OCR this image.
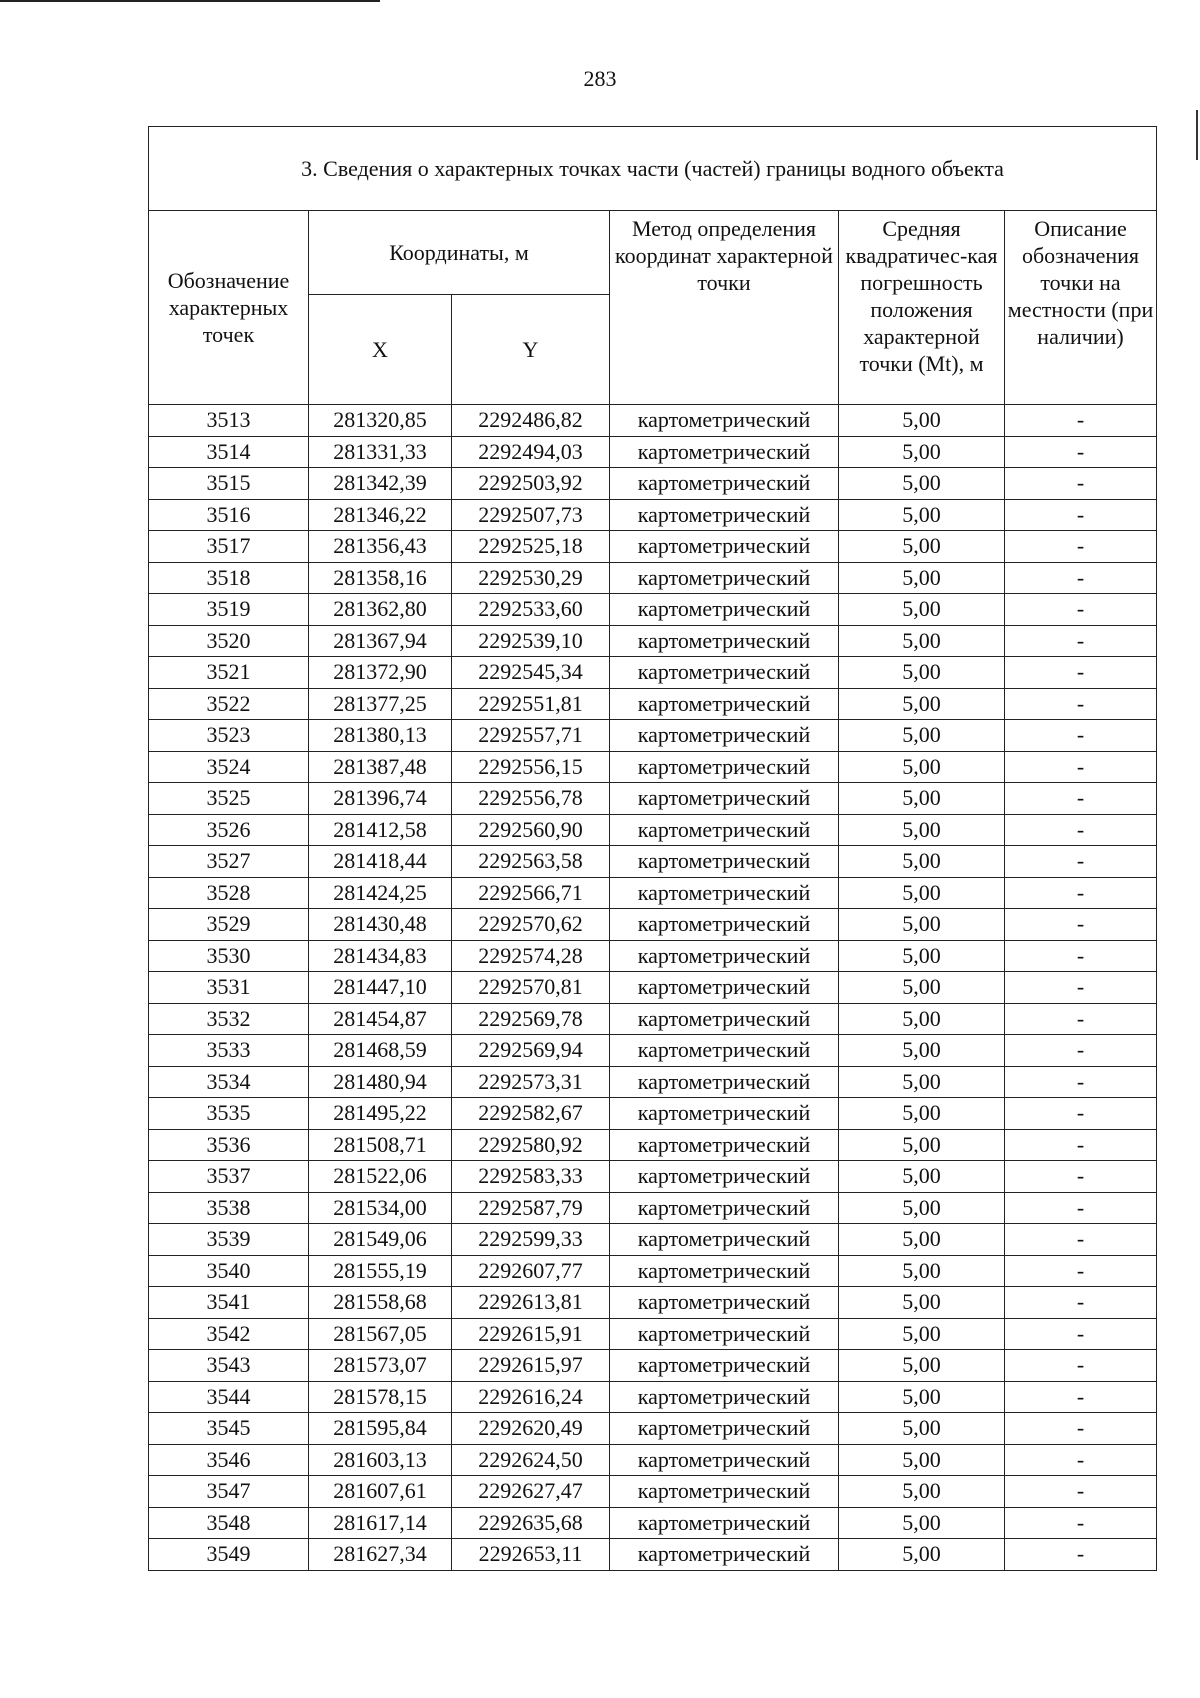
283
3. Сведения о характерных точках части (частей) границы водного объекта					
Обозначение характерных точек	Координаты, м		Метод определения координат характерной точки	Средняя квадратичес-кая погрешность положения характерной точки (Mt), м	Описание обозначения точки на местности (при наличии)
	X	Y			
3513	281320,85	2292486,82	картометрический	5,00	-
3514	281331,33	2292494,03	картометрический	5,00	-
3515	281342,39	2292503,92	картометрический	5,00	-
3516	281346,22	2292507,73	картометрический	5,00	-
3517	281356,43	2292525,18	картометрический	5,00	-
3518	281358,16	2292530,29	картометрический	5,00	-
3519	281362,80	2292533,60	картометрический	5,00	-
3520	281367,94	2292539,10	картометрический	5,00	-
3521	281372,90	2292545,34	картометрический	5,00	-
3522	281377,25	2292551,81	картометрический	5,00	-
3523	281380,13	2292557,71	картометрический	5,00	-
3524	281387,48	2292556,15	картометрический	5,00	-
3525	281396,74	2292556,78	картометрический	5,00	-
3526	281412,58	2292560,90	картометрический	5,00	-
3527	281418,44	2292563,58	картометрический	5,00	-
3528	281424,25	2292566,71	картометрический	5,00	-
3529	281430,48	2292570,62	картометрический	5,00	-
3530	281434,83	2292574,28	картометрический	5,00	-
3531	281447,10	2292570,81	картометрический	5,00	-
3532	281454,87	2292569,78	картометрический	5,00	-
3533	281468,59	2292569,94	картометрический	5,00	-
3534	281480,94	2292573,31	картометрический	5,00	-
3535	281495,22	2292582,67	картометрический	5,00	-
3536	281508,71	2292580,92	картометрический	5,00	-
3537	281522,06	2292583,33	картометрический	5,00	-
3538	281534,00	2292587,79	картометрический	5,00	-
3539	281549,06	2292599,33	картометрический	5,00	-
3540	281555,19	2292607,77	картометрический	5,00	-
3541	281558,68	2292613,81	картометрический	5,00	-
3542	281567,05	2292615,91	картометрический	5,00	-
3543	281573,07	2292615,97	картометрический	5,00	-
3544	281578,15	2292616,24	картометрический	5,00	-
3545	281595,84	2292620,49	картометрический	5,00	-
3546	281603,13	2292624,50	картометрический	5,00	-
3547	281607,61	2292627,47	картометрический	5,00	-
3548	281617,14	2292635,68	картометрический	5,00	-
3549	281627,34	2292653,11	картометрический	5,00	-
